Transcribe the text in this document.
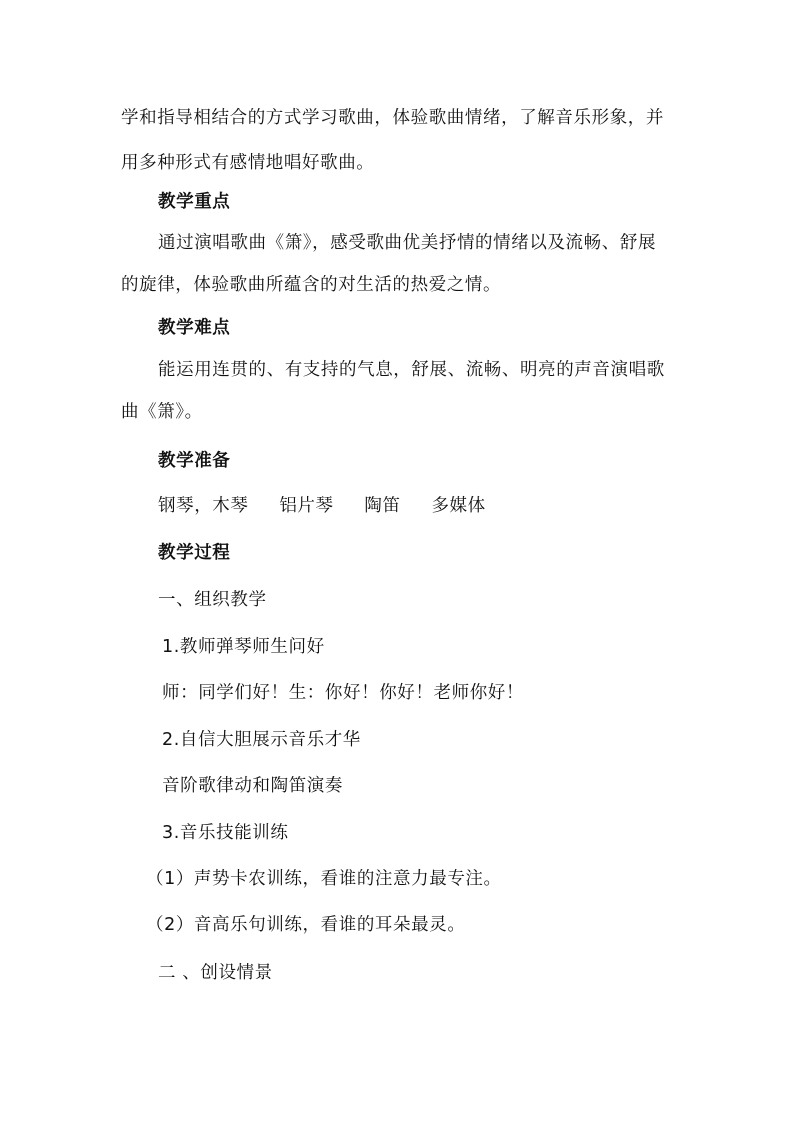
学和指导相结合的方式学习歌曲，体验歌曲情绪，了解音乐形象，并
用多种形式有感情地唱好歌曲。
教学重点
通过演唱歌曲《箫》，感受歌曲优美抒情的情绪以及流畅、舒展
的旋律，体验歌曲所蕴含的对生活的热爱之情。
教学难点
能运用连贯的、有支持的气息，舒展、流畅、明亮的声音演唱歌
曲《箫》。
教学准备
钢琴，木琴     铝片琴     陶笛     多媒体
教学过程
一、组织教学
1.教师弹琴师生问好
师：同学们好！生：你好！你好！老师你好！
2.自信大胆展示音乐才华
音阶歌律动和陶笛演奏
3.音乐技能训练
（1）声势卡农训练，看谁的注意力最专注。
（2）音高乐句训练，看谁的耳朵最灵。
二 、创设情景
